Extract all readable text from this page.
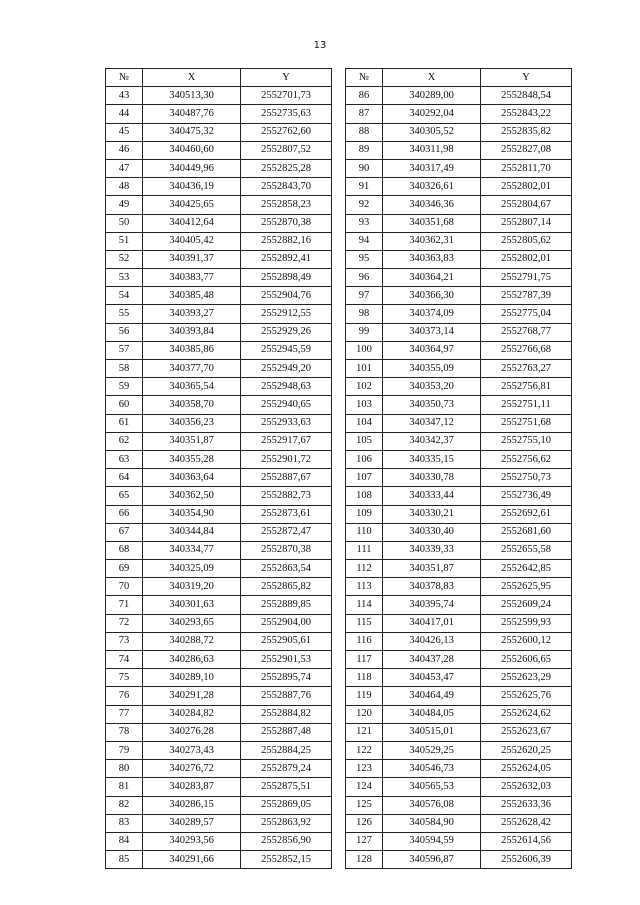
13
№	X	Y		№	X	Y
43	340513,30	2552701,73		86	340289,00	2552848,54
44	340487,76	2552735,63		87	340292,04	2552843,22
45	340475,32	2552762,60		88	340305,52	2552835,82
46	340460,60	2552807,52		89	340311,98	2552827,08
47	340449,96	2552825,28		90	340317,49	2552811,70
48	340436,19	2552843,70		91	340326,61	2552802,01
49	340425,65	2552858,23		92	340346,36	2552804,67
50	340412,64	2552870,38		93	340351,68	2552807,14
51	340405,42	2552882,16		94	340362,31	2552805,62
52	340391,37	2552892,41		95	340363,83	2552802,01
53	340383,77	2552898,49		96	340364,21	2552791,75
54	340385,48	2552904,76		97	340366,30	2552787,39
55	340393,27	2552912,55		98	340374,09	2552775,04
56	340393,84	2552929,26		99	340373,14	2552768,77
57	340385,86	2552945,59		100	340364,97	2552766,68
58	340377,70	2552949,20		101	340355,09	2552763,27
59	340365,54	2552948,63		102	340353,20	2552756,81
60	340358,70	2552940,65		103	340350,73	2552751,11
61	340356,23	2552933,63		104	340347,12	2552751,68
62	340351,87	2552917,67		105	340342,37	2552755,10
63	340355,28	2552901,72		106	340335,15	2552756,62
64	340363,64	2552887,67		107	340330,78	2552750,73
65	340362,50	2552882,73		108	340333,44	2552736,49
66	340354,90	2552873,61		109	340330,21	2552692,61
67	340344,84	2552872,47		110	340330,40	2552681,60
68	340334,77	2552870,38		111	340339,33	2552655,58
69	340325,09	2552863,54		112	340351,87	2552642,85
70	340319,20	2552865,82		113	340378,83	2552625,95
71	340301,63	2552889,85		114	340395,74	2552609,24
72	340293,65	2552904,00		115	340417,01	2552599,93
73	340288,72	2552905,61		116	340426,13	2552600,12
74	340286,63	2552901,53		117	340437,28	2552606,65
75	340289,10	2552895,74		118	340453,47	2552623,29
76	340291,28	2552887,76		119	340464,49	2552625,76
77	340284,82	2552884,82		120	340484,05	2552624,62
78	340276,28	2552887,48		121	340515,01	2552623,67
79	340273,43	2552884,25		122	340529,25	2552620,25
80	340276,72	2552879,24		123	340546,73	2552624,05
81	340283,87	2552875,51		124	340565,53	2552632,03
82	340286,15	2552869,05		125	340576,08	2552633,36
83	340289,57	2552863,92		126	340584,90	2552628,42
84	340293,56	2552856,90		127	340594,59	2552614,56
85	340291,66	2552852,15		128	340596,87	2552606,39
